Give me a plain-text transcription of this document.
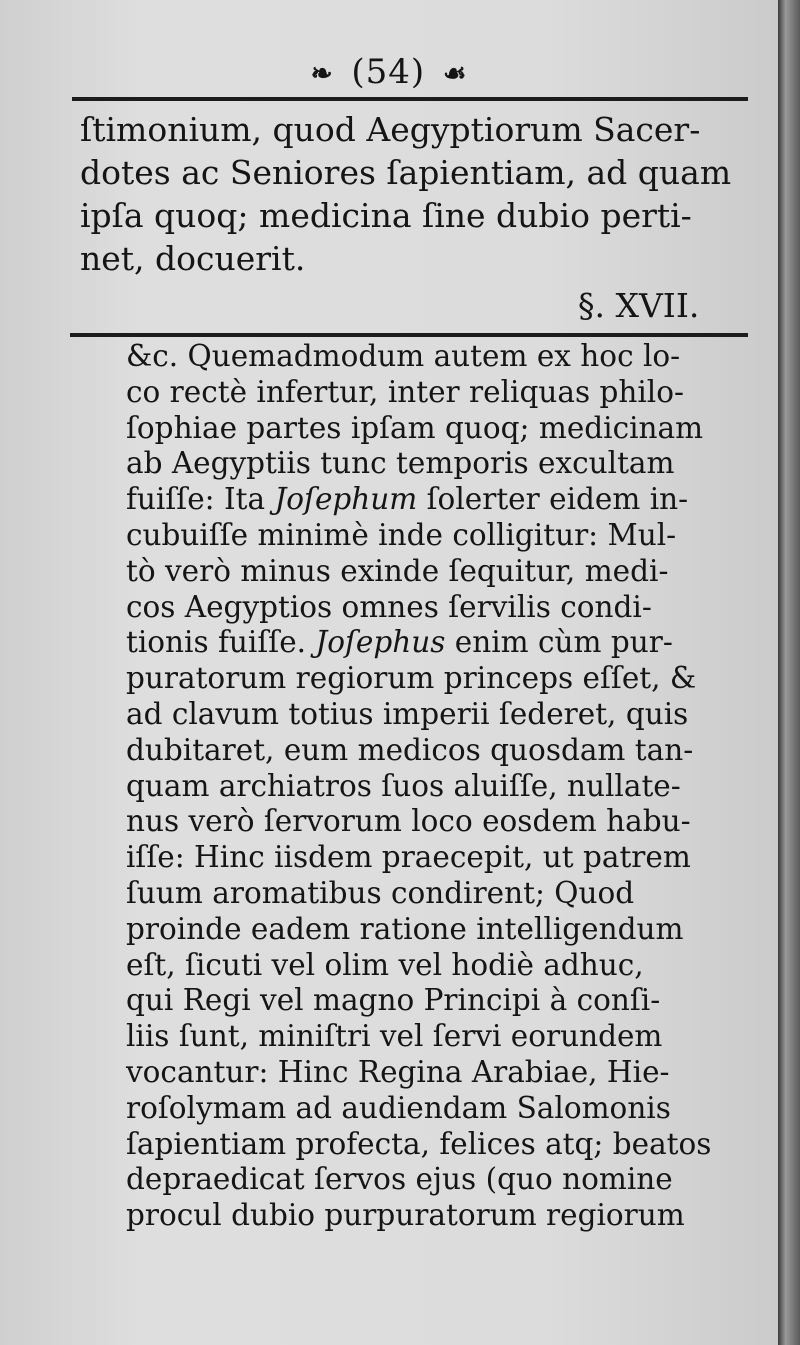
❧ (54) ☙
ſtimonium, quod Aegyptiorum Sacer-
dotes ac Seniores ſapientiam, ad quam
ipſa quoq; medicina ſine dubio perti-
net, docuerit.
§. XVII.
&c. Quemadmodum autem ex hoc lo-
co rectè infertur, inter reliquas philo-
ſophiae partes ipſam quoq; medicinam
ab Aegyptiis tunc temporis excultam
fuiſſe: Ita Joſephum ſolerter eidem in-
cubuiſſe minimè inde colligitur: Mul-
tò verò minus exinde ſequitur, medi-
cos Aegyptios omnes ſervilis condi-
tionis fuiſſe. Joſephus enim cùm pur-
puratorum regiorum princeps eſſet, &
ad clavum totius imperii ſederet, quis
dubitaret, eum medicos quosdam tan-
quam archiatros ſuos aluiſſe, nullate-
nus verò ſervorum loco eosdem habu-
iſſe: Hinc iisdem praecepit, ut patrem
ſuum aromatibus condirent; Quod
proinde eadem ratione intelligendum
eſt, ſicuti vel olim vel hodiè adhuc,
qui Regi vel magno Principi à conſi-
liis ſunt, miniſtri vel ſervi eorundem
vocantur: Hinc Regina Arabiae, Hie-
roſolymam ad audiendam Salomonis
ſapientiam profecta, felices atq; beatos
depraedicat ſervos ejus (quo nomine
procul dubio purpuratorum regiorum
